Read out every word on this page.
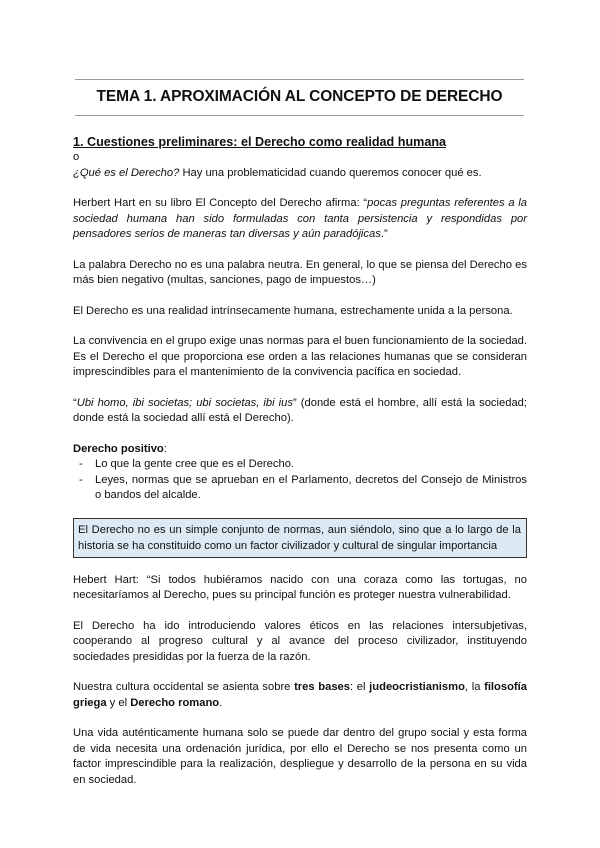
TEMA 1. APROXIMACIÓN AL CONCEPTO DE DERECHO

1. Cuestiones preliminares: el Derecho como realidad humana

o

¿Qué es el Derecho? Hay una problematicidad cuando queremos conocer qué es.

Herbert Hart en su libro El Concepto del Derecho afirma: “pocas preguntas referentes a la sociedad humana han sido formuladas con tanta persistencia y respondidas por pensadores serios de maneras tan diversas y aún paradójicas.”

La palabra Derecho no es una palabra neutra. En general, lo que se piensa del Derecho es más bien negativo (multas, sanciones, pago de impuestos…)

El Derecho es una realidad intrínsecamente humana, estrechamente unida a la persona.

La convivencia en el grupo exige unas normas para el buen funcionamiento de la sociedad. Es el Derecho el que proporciona ese orden a las relaciones humanas que se consideran imprescindibles para el mantenimiento de la convivencia pacífica en sociedad.

“Ubi homo, ibi societas; ubi societas, ibi ius” (donde está el hombre, allí está la sociedad; donde está la sociedad allí está el Derecho).

Derecho positivo:

- Lo que la gente cree que es el Derecho.
- Leyes, normas que se aprueban en el Parlamento, decretos del Consejo de Ministros o bandos del alcalde.
El Derecho no es un simple conjunto de normas, aun siéndolo, sino que a lo largo de la historia se ha constituido como un factor civilizador y cultural de singular importancia

Hebert Hart: “Si todos hubiéramos nacido con una coraza como las tortugas, no necesitaríamos al Derecho, pues su principal función es proteger nuestra vulnerabilidad.

El Derecho ha ido introduciendo valores éticos en las relaciones intersubjetivas, cooperando al progreso cultural y al avance del proceso civilizador, instituyendo sociedades presididas por la fuerza de la razón.

Nuestra cultura occidental se asienta sobre tres bases: el judeocristianismo, la filosofía griega y el Derecho romano.

Una vida auténticamente humana solo se puede dar dentro del grupo social y esta forma de vida necesita una ordenación jurídica, por ello el Derecho se nos presenta como un factor imprescindible para la realización, despliegue y desarrollo de la persona en su vida en sociedad.
